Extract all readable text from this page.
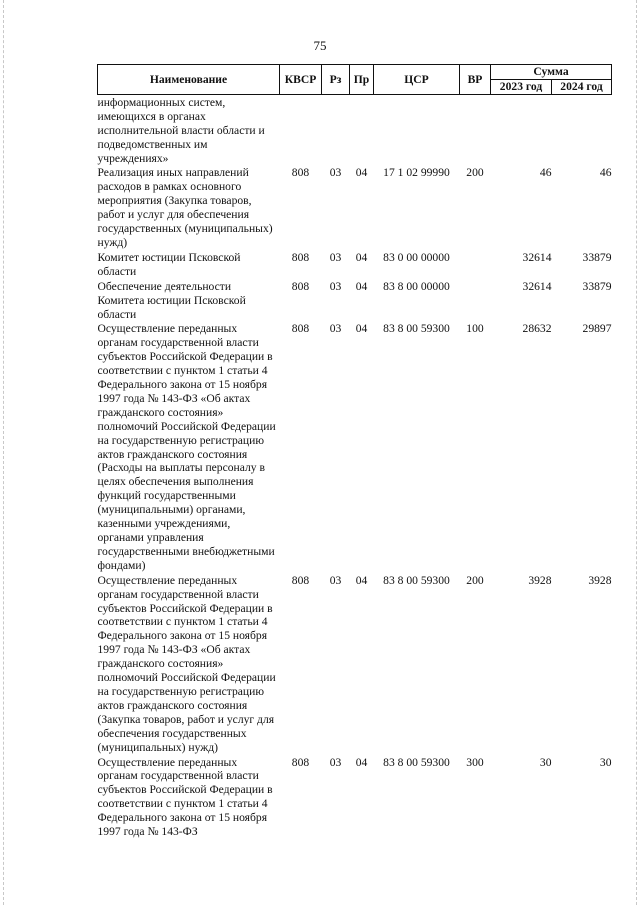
75
Наименование	КВСР	Рз	Пр	ЦСР	ВР	Сумма	
						2023 год	2024 год
информационных систем, имеющихся в органах исполнительной власти области и подведомственных им учреждениях»							
Реализация иных направлений расходов в рамках основного мероприятия (Закупка товаров, работ и услуг для обеспечения государственных (муниципальных) нужд)	808	03	04	17 1 02 99990	200	46	46
Комитет юстиции Псковской области	808	03	04	83 0 00 00000		32614	33879
Обеспечение деятельности Комитета юстиции Псковской области	808	03	04	83 8 00 00000		32614	33879
Осуществление переданных органам государственной власти субъектов Российской Федерации в соответствии с пунктом 1 статьи 4 Федерального закона от 15 ноября 1997 года № 143-ФЗ «Об актах гражданского состояния» полномочий Российской Федерации на государственную регистрацию актов гражданского состояния (Расходы на выплаты персоналу в целях обеспечения выполнения функций государственными (муниципальными) органами, казенными учреждениями, органами управления государственными внебюджетными фондами)	808	03	04	83 8 00 59300	100	28632	29897
Осуществление переданных органам государственной власти субъектов Российской Федерации в соответствии с пунктом 1 статьи 4 Федерального закона от 15 ноября 1997 года № 143-ФЗ «Об актах гражданского состояния» полномочий Российской Федерации на государственную регистрацию актов гражданского состояния (Закупка товаров, работ и услуг для обеспечения государственных (муниципальных) нужд)	808	03	04	83 8 00 59300	200	3928	3928
Осуществление переданных органам государственной власти субъектов Российской Федерации в соответствии с пунктом 1 статьи 4 Федерального закона от 15 ноября 1997 года № 143-ФЗ	808	03	04	83 8 00 59300	300	30	30
